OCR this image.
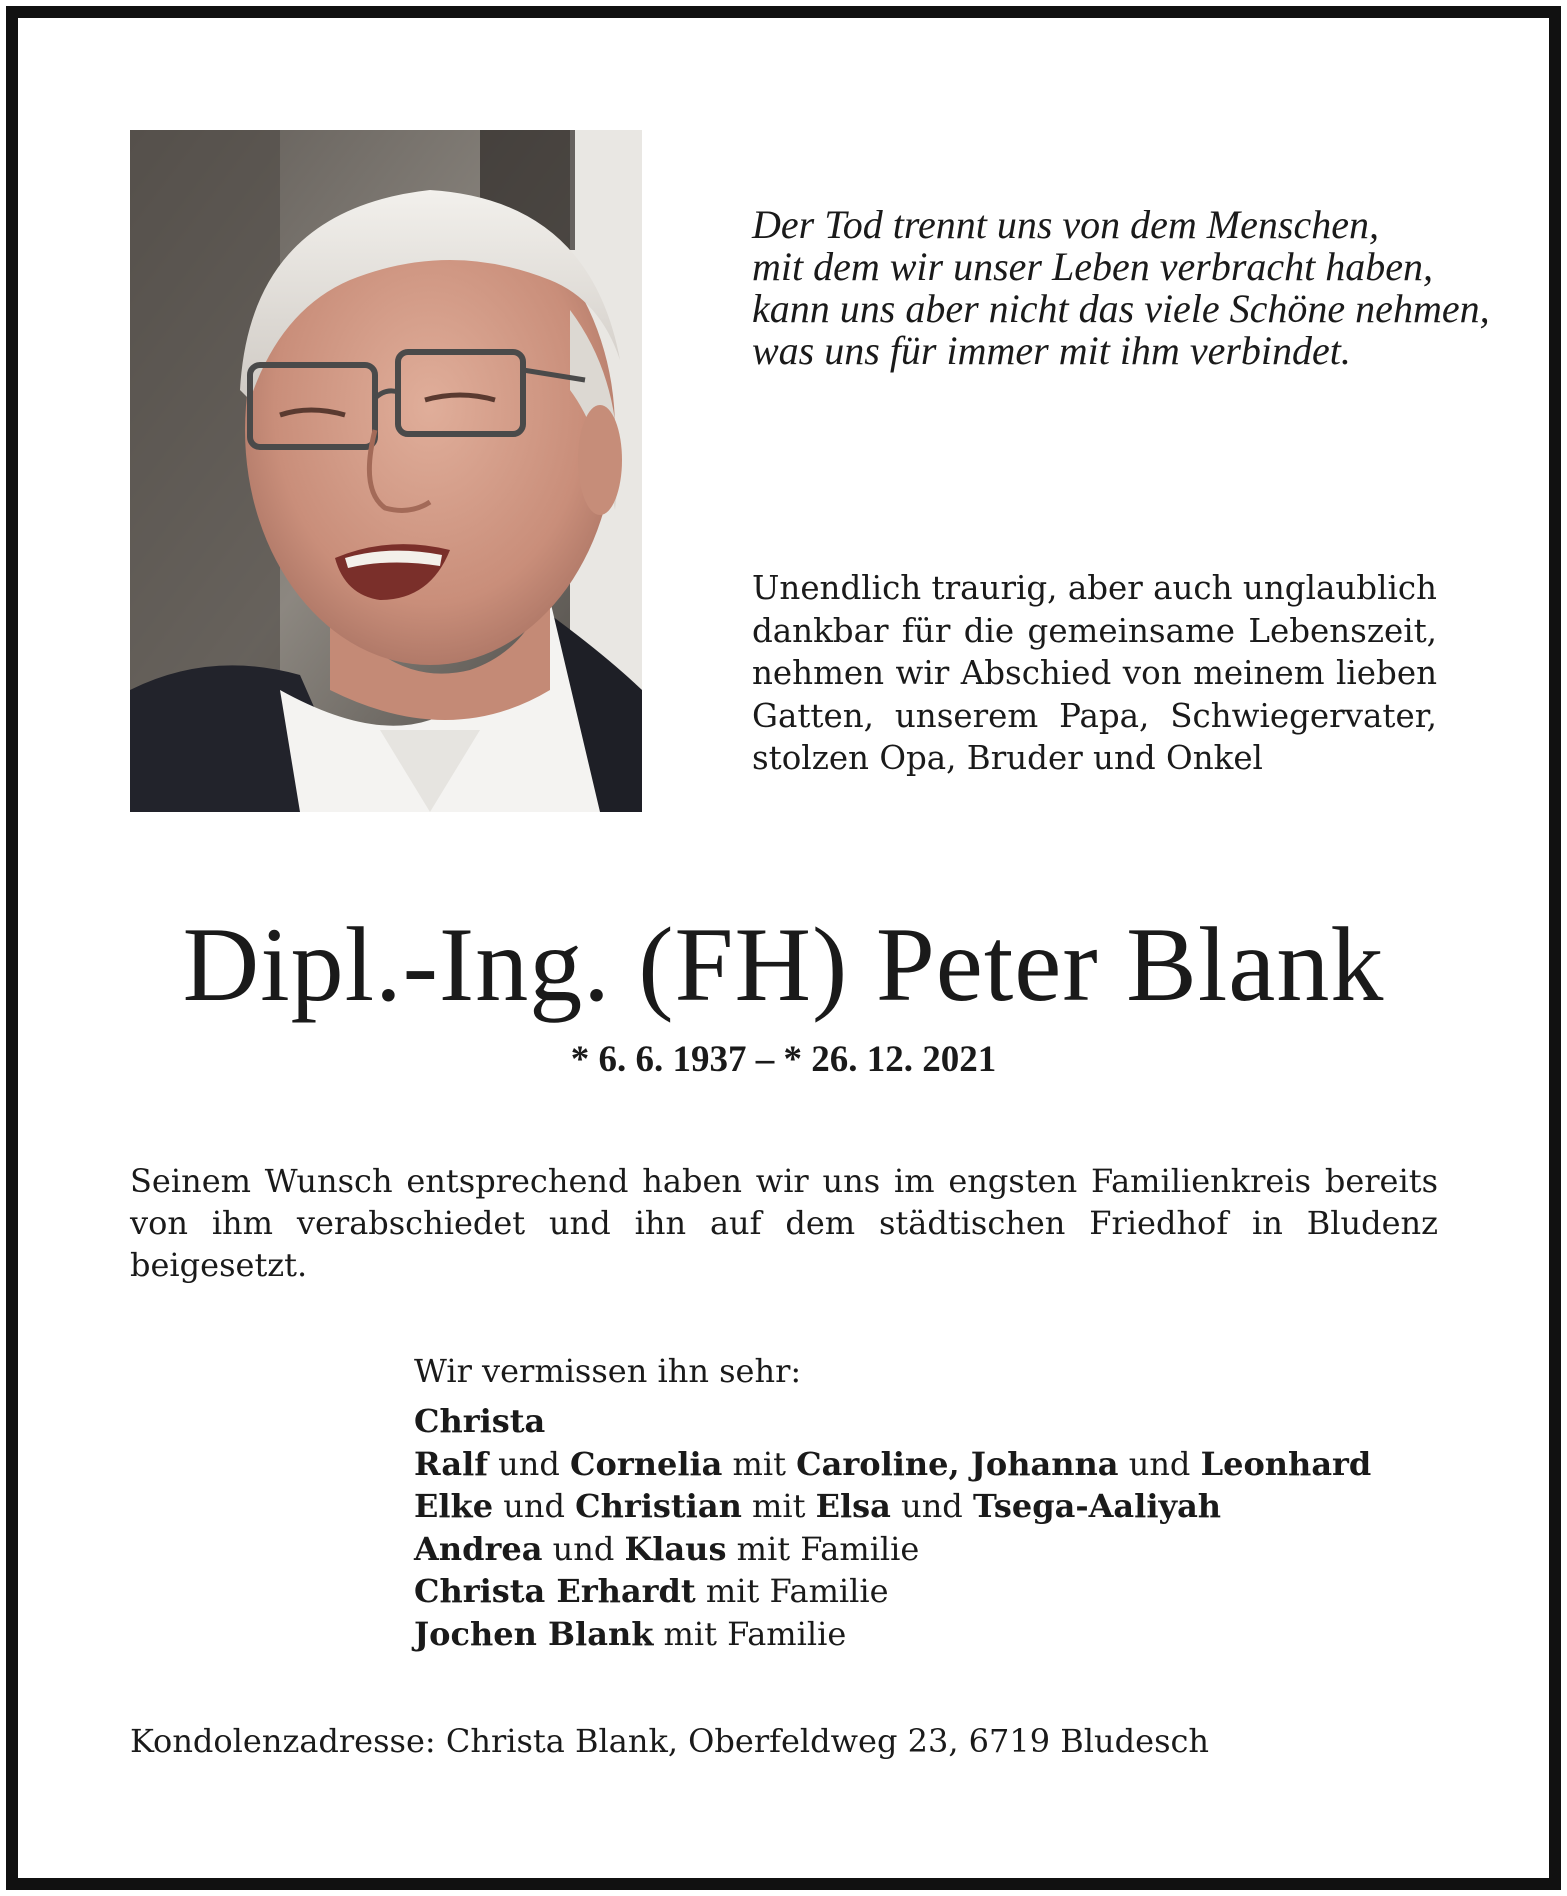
Der Tod trennt uns von dem Menschen,
mit dem wir unser Leben verbracht haben,
kann uns aber nicht das viele Schöne nehmen,
was uns für immer mit ihm verbindet.
Unendlich traurig, aber auch unglaublich dankbar für die gemeinsame Lebenszeit, nehmen wir Abschied von meinem lieben Gatten, unserem Papa, Schwiegervater, stolzen Opa, Bruder und Onkel
Dipl.-Ing. (FH) Peter Blank
* 6. 6. 1937 – * 26. 12. 2021
Seinem Wunsch entsprechend haben wir uns im engsten Familienkreis bereits von ihm verabschiedet und ihn auf dem städtischen Friedhof in Bludenz beigesetzt.
Wir vermissen ihn sehr:
Christa
Ralf und Cornelia mit Caroline, Johanna und Leonhard
Elke und Christian mit Elsa und Tsega-Aaliyah
Andrea und Klaus mit Familie
Christa Erhardt mit Familie
Jochen Blank mit Familie
Kondolenzadresse: Christa Blank, Oberfeldweg 23, 6719 Bludesch
